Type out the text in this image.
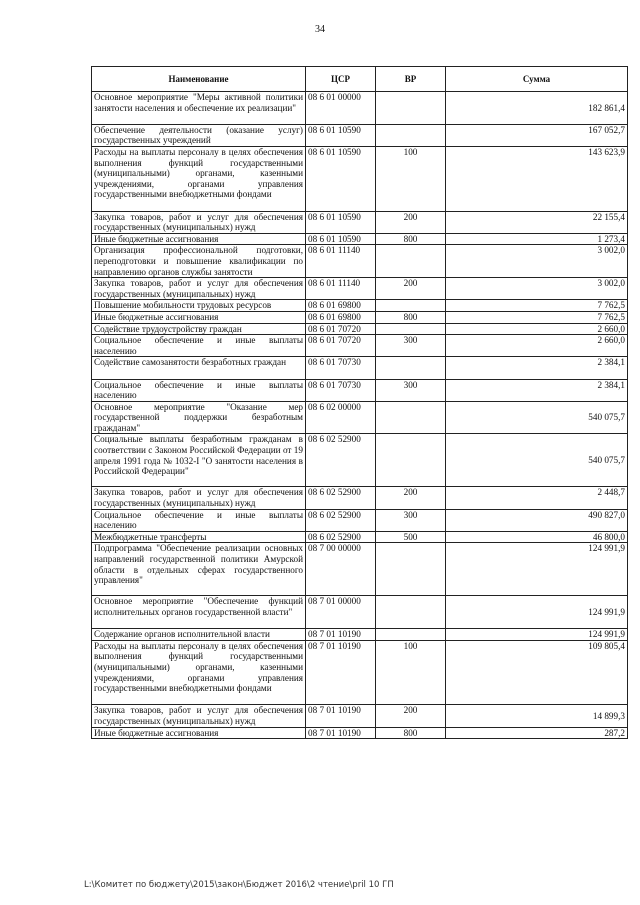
34
Наименование	ЦСР	ВР	Сумма
Основное мероприятие "Меры активной политики занятости населения и обеспечение их реализации"	08 6 01 00000		182 861,4
Обеспечение деятельности (оказание услуг) государственных учреждений	08 6 01 10590		167 052,7
Расходы на выплаты персоналу в целях обеспечения выполнения функций государственными (муниципальными) органами, казенными учреждениями, органами управления государственными внебюджетными фондами	08 6 01 10590	100	143 623,9
Закупка товаров, работ и услуг для обеспечения государственных (муниципальных) нужд	08 6 01 10590	200	22 155,4
Иные бюджетные ассигнования	08 6 01 10590	800	1 273,4
Организация профессиональной подготовки, переподготовки и повышение квалификации по направлению органов службы занятости	08 6 01 11140		3 002,0
Закупка товаров, работ и услуг для обеспечения государственных (муниципальных) нужд	08 6 01 11140	200	3 002,0
Повышение мобильности трудовых ресурсов	08 6 01 69800		7 762,5
Иные бюджетные ассигнования	08 6 01 69800	800	7 762,5
Содействие трудоустройству граждан	08 6 01 70720		2 660,0
Социальное обеспечение и иные выплаты населению	08 6 01 70720	300	2 660,0
Содействие самозанятости безработных граждан	08 6 01 70730		2 384,1
Социальное обеспечение и иные выплаты населению	08 6 01 70730	300	2 384,1
Основное мероприятие "Оказание мер государственной поддержки безработным гражданам"	08 6 02 00000		540 075,7
Социальные выплаты безработным гражданам в соответствии с Законом Российской Федерации от 19 апреля 1991 года № 1032-I "О занятости населения в Российской Федерации"	08 6 02 52900		540 075,7
Закупка товаров, работ и услуг для обеспечения государственных (муниципальных) нужд	08 6 02 52900	200	2 448,7
Социальное обеспечение и иные выплаты населению	08 6 02 52900	300	490 827,0
Межбюджетные трансферты	08 6 02 52900	500	46 800,0
Подпрограмма "Обеспечение реализации основных направлений государственной политики Амурской области в отдельных сферах государственного управления"	08 7 00 00000		124 991,9
Основное мероприятие "Обеспечение функций исполнительных органов государственной власти"	08 7 01 00000		124 991,9
Содержание органов исполнительной власти	08 7 01 10190		124 991,9
Расходы на выплаты персоналу в целях обеспечения выполнения функций государственными (муниципальными) органами, казенными учреждениями, органами управления государственными внебюджетными фондами	08 7 01 10190	100	109 805,4
Закупка товаров, работ и услуг для обеспечения государственных (муниципальных) нужд	08 7 01 10190	200	14 899,3
Иные бюджетные ассигнования	08 7 01 10190	800	287,2
L:\Комитет по бюджету\2015\закон\Бюджет 2016\2 чтение\pril 10 ГП
